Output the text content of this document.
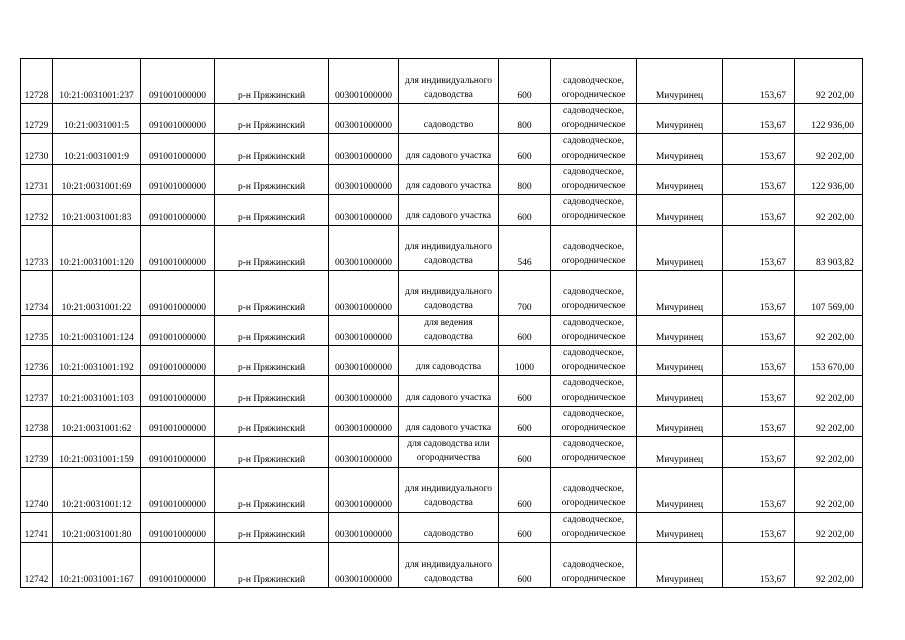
12728	10:21:0031001:237	091001000000	р-н Пряжинский	003001000000	для индивидуального садоводства	600	садоводческое, огородническое	Мичуринец	153,67	92 202,00
12729	10:21:0031001:5	091001000000	р-н Пряжинский	003001000000	садоводство	800	садоводческое, огородническое	Мичуринец	153,67	122 936,00
12730	10:21:0031001:9	091001000000	р-н Пряжинский	003001000000	для садового участка	600	садоводческое, огородническое	Мичуринец	153,67	92 202,00
12731	10:21:0031001:69	091001000000	р-н Пряжинский	003001000000	для садового участка	800	садоводческое, огородническое	Мичуринец	153,67	122 936,00
12732	10:21:0031001:83	091001000000	р-н Пряжинский	003001000000	для садового участка	600	садоводческое, огородническое	Мичуринец	153,67	92 202,00
12733	10:21:0031001:120	091001000000	р-н Пряжинский	003001000000	для индивидуального садоводства	546	садоводческое, огородническое	Мичуринец	153,67	83 903,82
12734	10:21:0031001:22	091001000000	р-н Пряжинский	003001000000	для индивидуального садоводства	700	садоводческое, огородническое	Мичуринец	153,67	107 569,00
12735	10:21:0031001:124	091001000000	р-н Пряжинский	003001000000	для ведения садоводства	600	садоводческое, огородническое	Мичуринец	153,67	92 202,00
12736	10:21:0031001:192	091001000000	р-н Пряжинский	003001000000	для садоводства	1000	садоводческое, огородническое	Мичуринец	153,67	153 670,00
12737	10:21:0031001:103	091001000000	р-н Пряжинский	003001000000	для садового участка	600	садоводческое, огородническое	Мичуринец	153,67	92 202,00
12738	10:21:0031001:62	091001000000	р-н Пряжинский	003001000000	для садового участка	600	садоводческое, огородническое	Мичуринец	153,67	92 202,00
12739	10:21:0031001:159	091001000000	р-н Пряжинский	003001000000	для садоводства или огородничества	600	садоводческое, огородническое	Мичуринец	153,67	92 202,00
12740	10:21:0031001:12	091001000000	р-н Пряжинский	003001000000	для индивидуального садоводства	600	садоводческое, огородническое	Мичуринец	153,67	92 202,00
12741	10:21:0031001:80	091001000000	р-н Пряжинский	003001000000	садоводство	600	садоводческое, огородническое	Мичуринец	153,67	92 202,00
12742	10:21:0031001:167	091001000000	р-н Пряжинский	003001000000	для индивидуального садоводства	600	садоводческое, огородническое	Мичуринец	153,67	92 202,00
